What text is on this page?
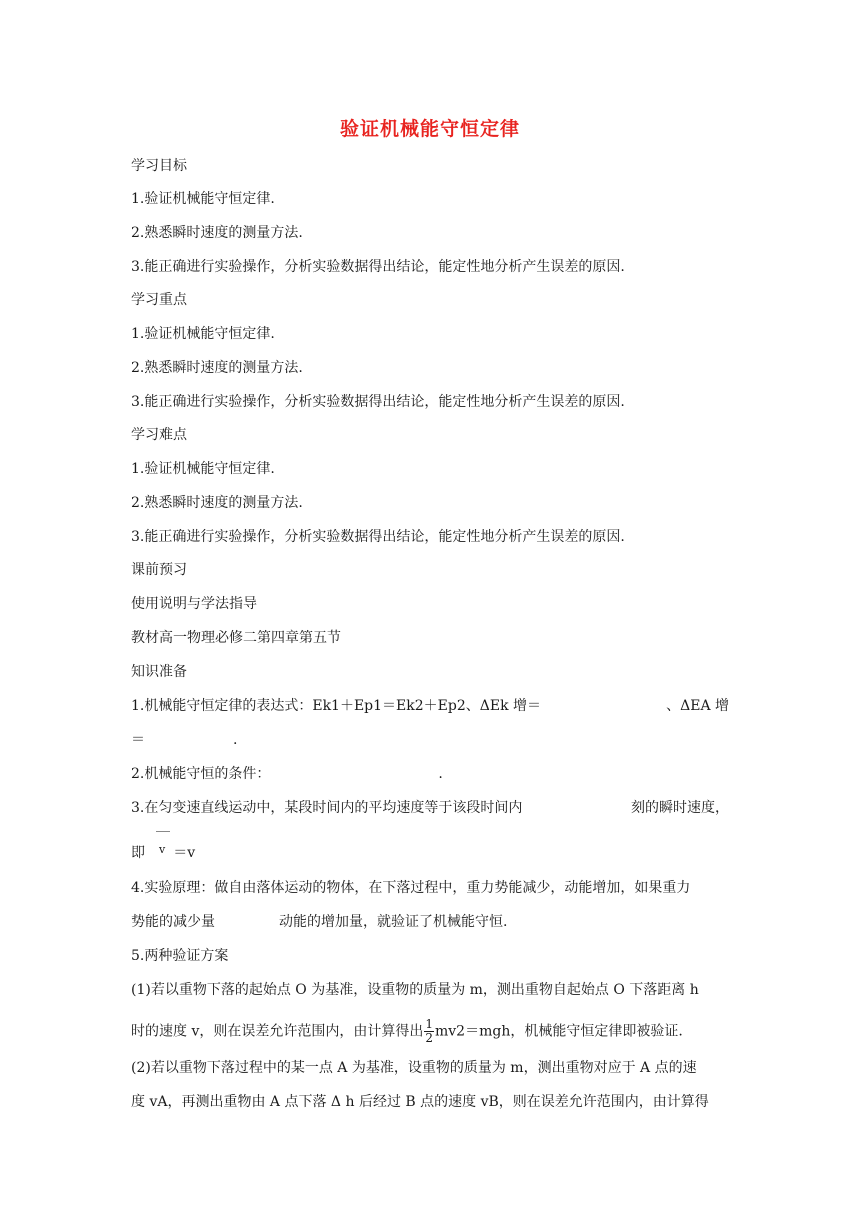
验证机械能守恒定律
学习目标
1.验证机械能守恒定律.
2.熟悉瞬时速度的测量方法.
3.能正确进行实验操作，分析实验数据得出结论，能定性地分析产生误差的原因.
学习重点
1.验证机械能守恒定律.
2.熟悉瞬时速度的测量方法.
3.能正确进行实验操作，分析实验数据得出结论，能定性地分析产生误差的原因.
学习难点
1.验证机械能守恒定律.
2.熟悉瞬时速度的测量方法.
3.能正确进行实验操作，分析实验数据得出结论，能定性地分析产生误差的原因.
课前预习
使用说明与学法指导
教材高一物理必修二第四章第五节
知识准备
1.机械能守恒定律的表达式：Ek1＋Ep1＝Ek2＋Ep2、ΔEk 增＝	、ΔEA 增
＝	.
2.机械能守恒的条件：	.
3.在匀变速直线运动中，某段时间内的平均速度等于该段时间内	刻的瞬时速度，
即 $^v$ ＝v
4.实验原理：做自由落体运动的物体，在下落过程中，重力势能减少，动能增加，如果重力
势能的减少量	动能的增加量，就验证了机械能守恒.
5.两种验证方案
(1)若以重物下落的起始点 O 为基准，设重物的质量为 m，测出重物自起始点 O 下落距离 h
时的速度 v，则在误差允许范围内，由计算得出 $\frac{1}{2} mv2=mgh$，机械能守恒定律即被验证.
(2)若以重物下落过程中的某一点 A 为基准，设重物的质量为 m，测出重物对应于 A 点的速
度 vA，再测出重物由 A 点下落 Δ h 后经过 B 点的速度 vB，则在误差允许范围内，由计算得
